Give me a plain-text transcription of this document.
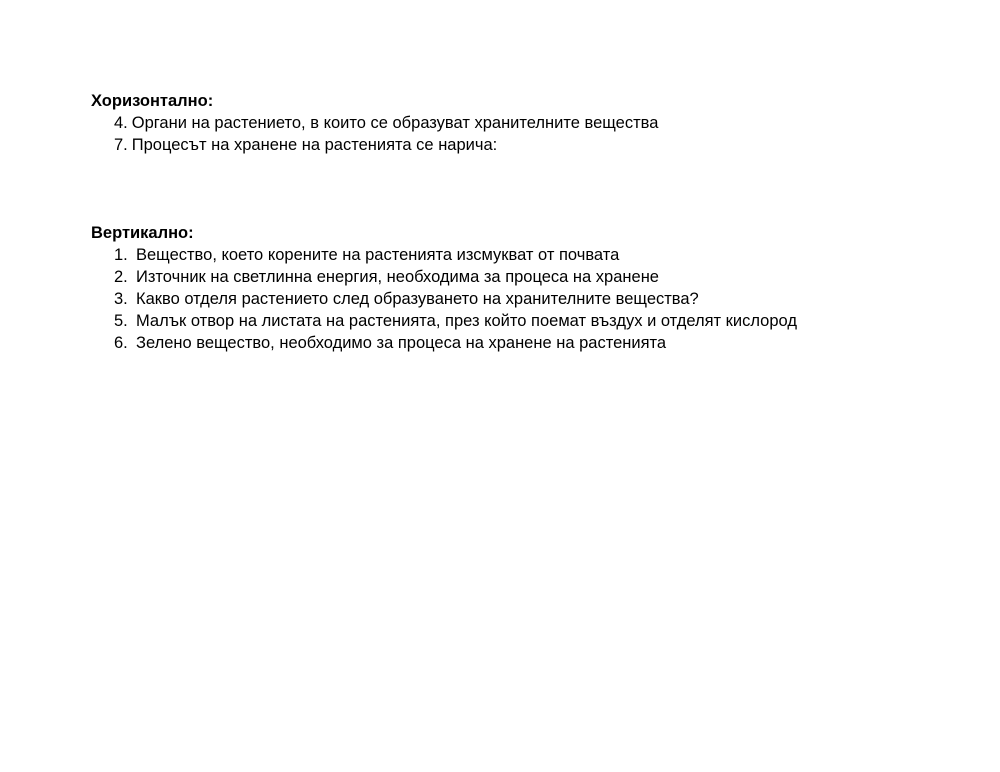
Хоризонтално:
4. Органи на растението, в които се образуват хранителните вещества
7. Процесът на хранене на растенията се нарича:
Вертикално:
1. Вещество, което корените на растенията изсмукват от почвата
2. Източник на светлинна енергия, необходима за процеса на хранене
3. Какво отделя растението след образуването на хранителните вещества?
5. Малък отвор на листата на растенията, през който поемат въздух и отделят кислород
6. Зелено вещество, необходимо за процеса на хранене на растенията
